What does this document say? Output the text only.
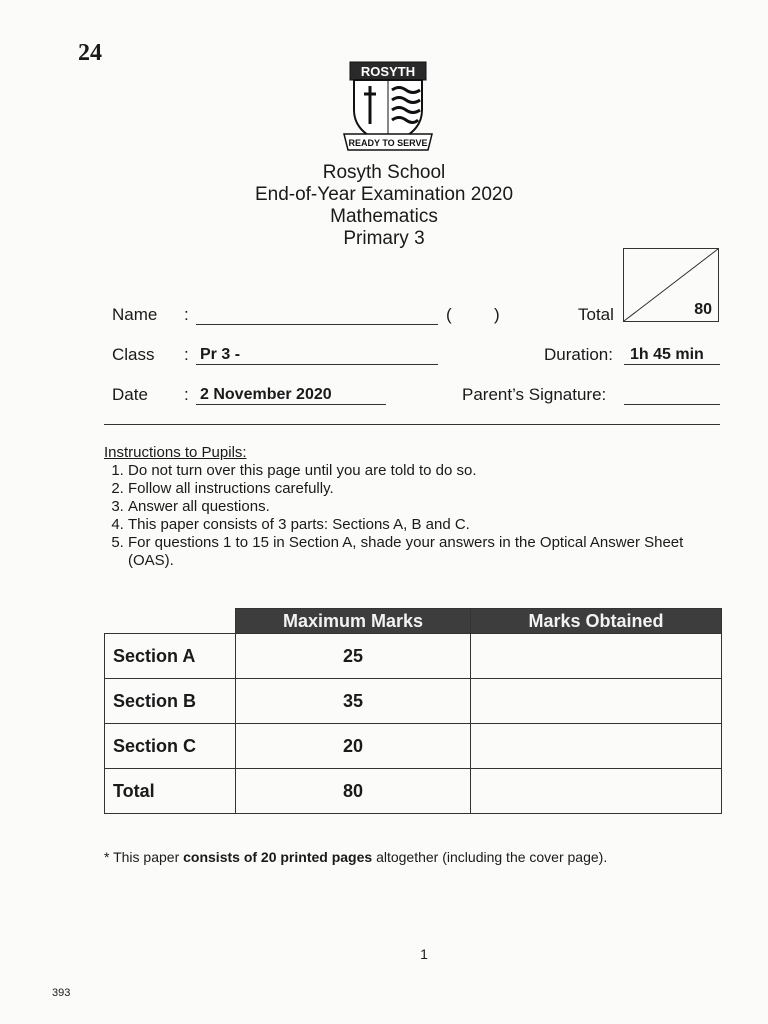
24
ROSYTH
READY TO SERVE
Rosyth School
End-of-Year Examination 2020
Mathematics
Primary 3
Name :	( )	Total	80
Class : Pr 3 -	Duration: 1h 45 min
Date : 2 November 2020	Parent’s Signature:
Instructions to Pupils:
1. Do not turn over this page until you are told to do so.
2. Follow all instructions carefully.
3. Answer all questions.
4. This paper consists of 3 parts: Sections A, B and C.
5. For questions 1 to 15 in Section A, shade your answers in the Optical Answer Sheet (OAS).
	Maximum Marks	Marks Obtained
Section A	25	
Section B	35	
Section C	20	
Total	80	
* This paper consists of 20 printed pages altogether (including the cover page).
1
393
